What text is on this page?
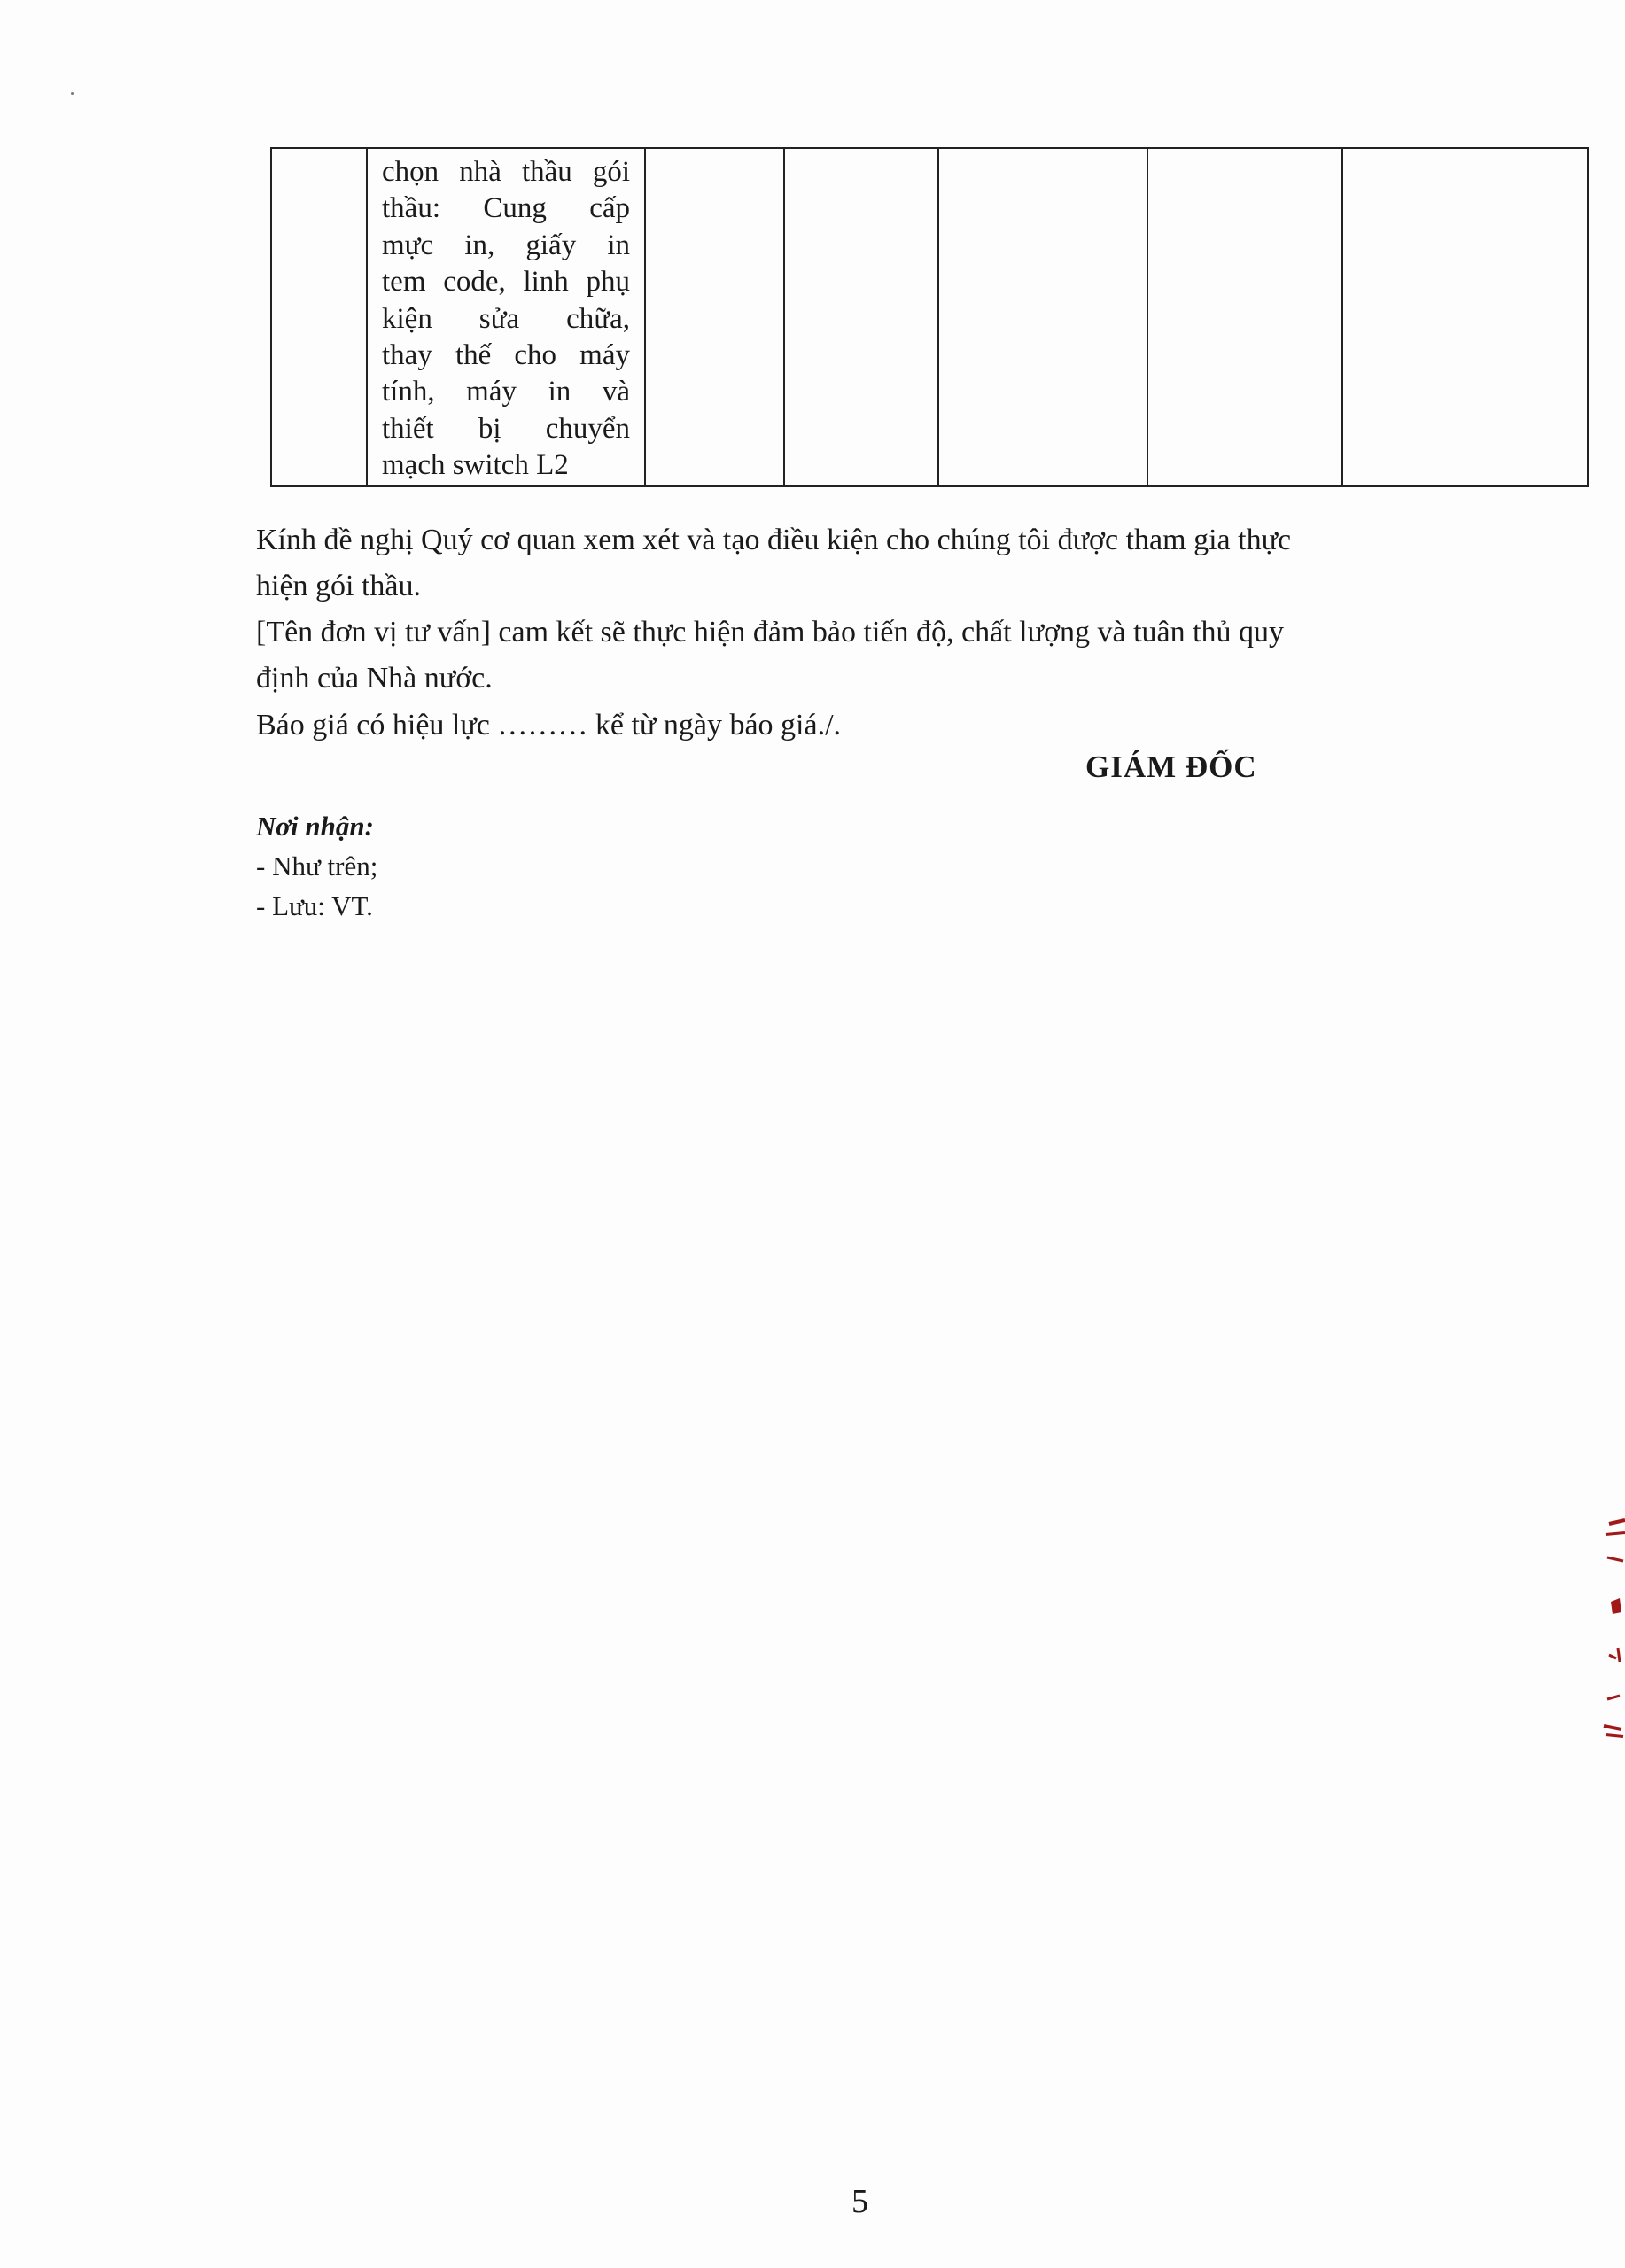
chọn nhà thầu gói
thầu: Cung cấp
mực in, giấy in
tem code, linh phụ
kiện sửa chữa,
thay thế cho máy
tính, máy in và
thiết bị chuyển
mạch switch L2

Kính đề nghị Quý cơ quan xem xét và tạo điều kiện cho chúng tôi được tham gia thực

hiện gói thầu.

[Tên đơn vị tư vấn] cam kết sẽ thực hiện đảm bảo tiến độ, chất lượng và tuân thủ quy

định của Nhà nước.

Báo giá có hiệu lực ……… kể từ ngày báo giá./.

GIÁM ĐỐC

Nơi nhận:
- Như trên;
- Lưu: VT.
5
